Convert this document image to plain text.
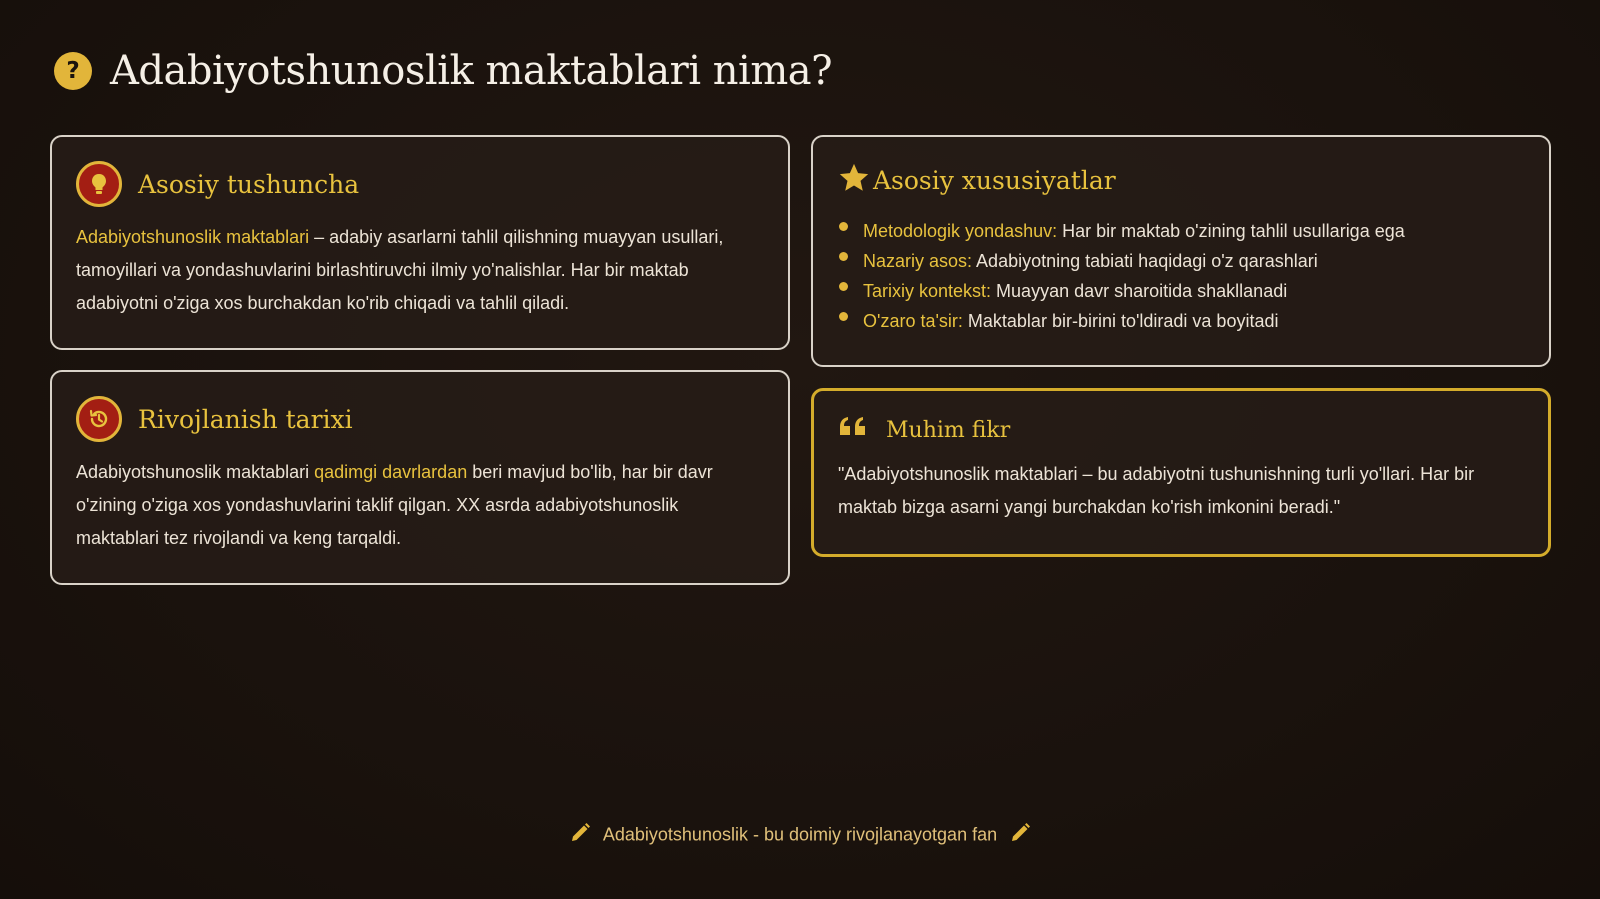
? Adabiyotshunoslik maktablari nima?
Asosiy tushuncha
Adabiyotshunoslik maktablari – adabiy asarlarni tahlil qilishning muayyan usullari, tamoyillari va yondashuvlarini birlashtiruvchi ilmiy yo'nalishlar. Har bir maktab adabiyotni o'ziga xos burchakdan ko'rib chiqadi va tahlil qiladi.
Rivojlanish tarixi
Adabiyotshunoslik maktablari qadimgi davrlardan beri mavjud bo'lib, har bir davr o'zining o'ziga xos yondashuvlarini taklif qilgan. XX asrda adabiyotshunoslik maktablari tez rivojlandi va keng tarqaldi.
Asosiy xususiyatlar
Metodologik yondashuv: Har bir maktab o'zining tahlil usullariga ega
Nazariy asos: Adabiyotning tabiati haqidagi o'z qarashlari
Tarixiy kontekst: Muayyan davr sharoitida shakllanadi
O'zaro ta'sir: Maktablar bir-birini to'ldiradi va boyitadi
Muhim fikr
"Adabiyotshunoslik maktablari – bu adabiyotni tushunishning turli yo'llari. Har bir maktab bizga asarni yangi burchakdan ko'rish imkonini beradi."
Adabiyotshunoslik - bu doimiy rivojlanayotgan fan
